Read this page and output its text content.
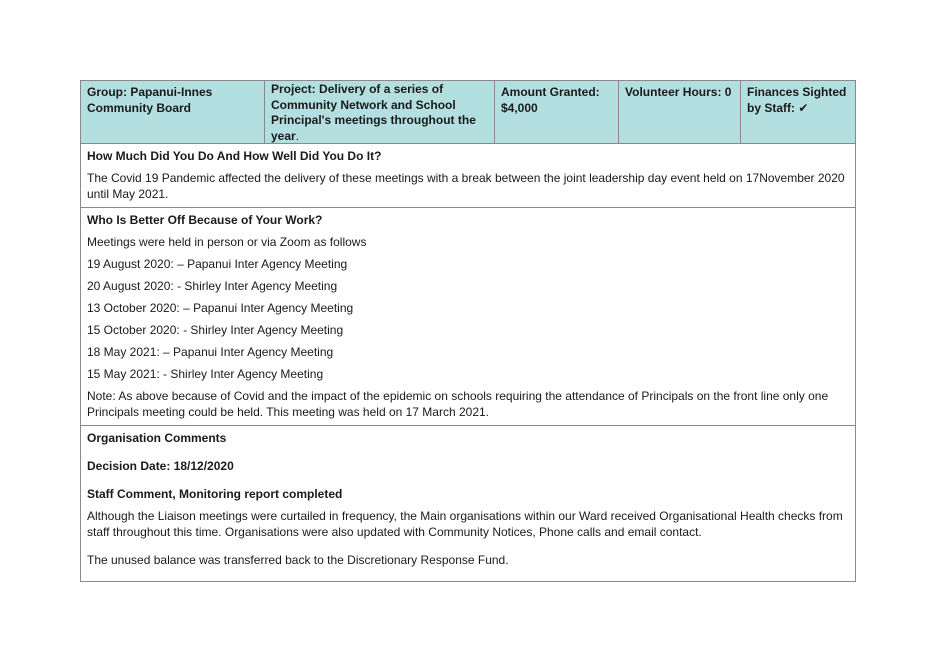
Group: Papanui-Innes Community Board
Project: Delivery of a series of Community Network and School Principal's meetings throughout the year.
Amount Granted: $4,000
Volunteer Hours: 0	Finances Sighted by Staff: ✔

How Much Did You Do And How Well Did You Do It?

The Covid 19 Pandemic affected the delivery of these meetings with a break between the joint leadership day event held on 17November 2020 until May 2021.

Who Is Better Off Because of Your Work?

Meetings were held in person or via Zoom as follows

19 August 2020: – Papanui Inter Agency Meeting
20 August 2020: - Shirley Inter Agency Meeting
13 October 2020: – Papanui Inter Agency Meeting
15 October 2020: - Shirley Inter Agency Meeting
18 May 2021: – Papanui Inter Agency Meeting
15 May 2021: - Shirley Inter Agency Meeting

Note: As above because of Covid and the impact of the epidemic on schools requiring the attendance of Principals on the front line only one Principals meeting could be held. This meeting was held on 17 March 2021.

Organisation Comments

Decision Date: 18/12/2020

Staff Comment, Monitoring report completed

Although the Liaison meetings were curtailed in frequency, the Main organisations within our Ward received Organisational Health checks from staff throughout this time. Organisations were also updated with Community Notices, Phone calls and email contact.

The unused balance was transferred back to the Discretionary Response Fund.
